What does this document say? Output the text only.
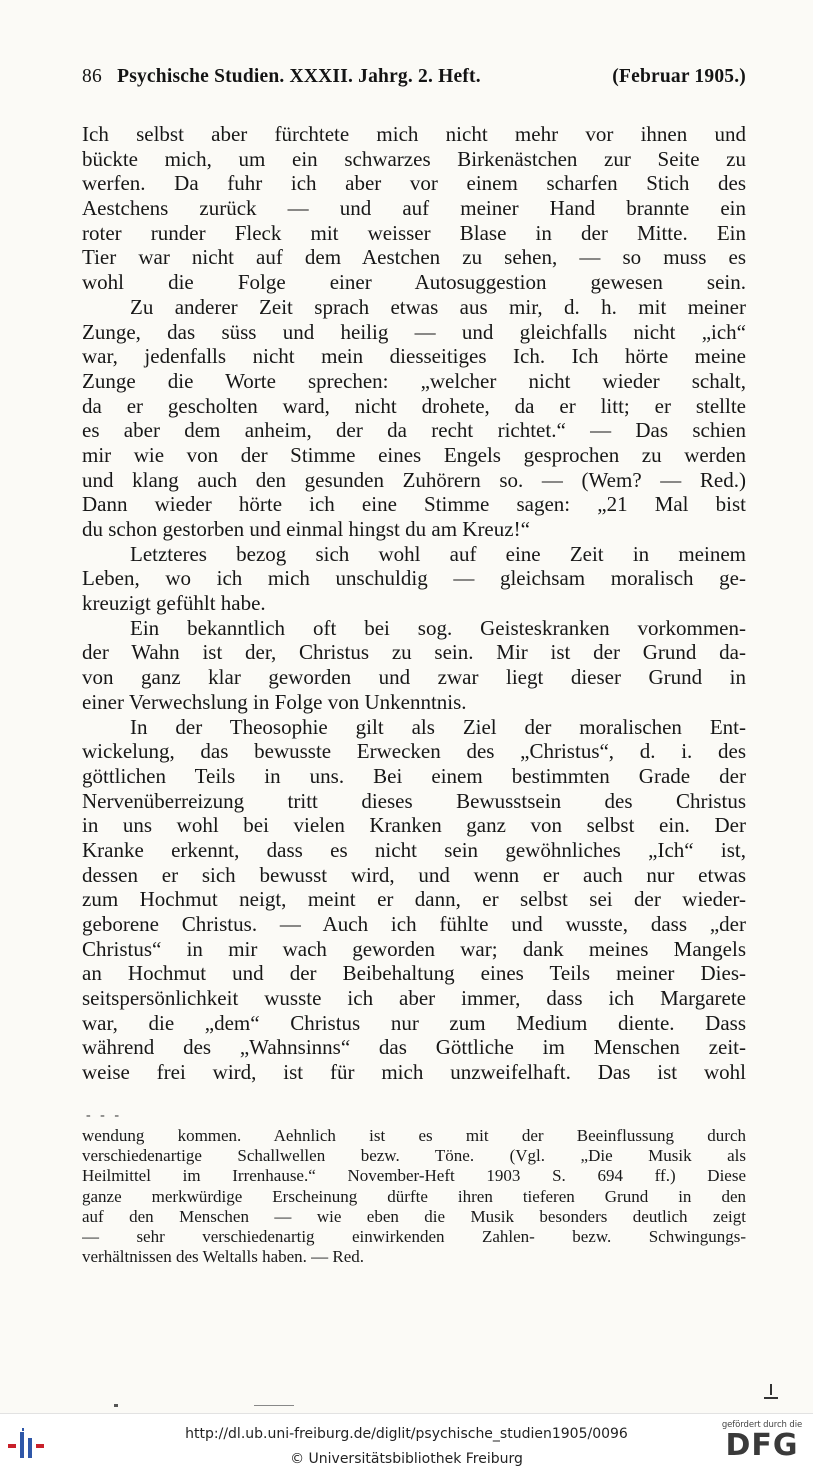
86 Psychische Studien. XXXII. Jahrg. 2. Heft.	(Februar 1905.)
Ich selbst aber fürchtete mich nicht mehr vor ihnen und
bückte mich, um ein schwarzes Birkenästchen zur Seite zu
werfen. Da fuhr ich aber vor einem scharfen Stich des
Aestchens zurück — und auf meiner Hand brannte ein
roter runder Fleck mit weisser Blase in der Mitte. Ein
Tier war nicht auf dem Aestchen zu sehen, — so muss es
wohl die Folge einer Autosuggestion gewesen sein.
Zu anderer Zeit sprach etwas aus mir, d. h. mit meiner
Zunge, das süss und heilig — und gleichfalls nicht „ich“
war, jedenfalls nicht mein diesseitiges Ich. Ich hörte meine
Zunge die Worte sprechen: „welcher nicht wieder schalt,
da er gescholten ward, nicht drohete, da er litt; er stellte
es aber dem anheim, der da recht richtet.“ — Das schien
mir wie von der Stimme eines Engels gesprochen zu werden
und klang auch den gesunden Zuhörern so. — (Wem? — Red.)
Dann wieder hörte ich eine Stimme sagen: „21 Mal bist
du schon gestorben und einmal hingst du am Kreuz!“
Letzteres bezog sich wohl auf eine Zeit in meinem
Leben, wo ich mich unschuldig — gleichsam moralisch ge-
kreuzigt gefühlt habe.
Ein bekanntlich oft bei sog. Geisteskranken vorkommen-
der Wahn ist der, Christus zu sein. Mir ist der Grund da-
von ganz klar geworden und zwar liegt dieser Grund in
einer Verwechslung in Folge von Unkenntnis.
In der Theosophie gilt als Ziel der moralischen Ent-
wickelung, das bewusste Erwecken des „Christus“, d. i. des
göttlichen Teils in uns. Bei einem bestimmten Grade der
Nervenüberreizung tritt dieses Bewusstsein des Christus
in uns wohl bei vielen Kranken ganz von selbst ein. Der
Kranke erkennt, dass es nicht sein gewöhnliches „Ich“ ist,
dessen er sich bewusst wird, und wenn er auch nur etwas
zum Hochmut neigt, meint er dann, er selbst sei der wieder-
geborene Christus. — Auch ich fühlte und wusste, dass „der
Christus“ in mir wach geworden war; dank meines Mangels
an Hochmut und der Beibehaltung eines Teils meiner Dies-
seitspersönlichkeit wusste ich aber immer, dass ich Margarete
war, die „dem“ Christus nur zum Medium diente. Dass
während des „Wahnsinns“ das Göttliche im Menschen zeit-
weise frei wird, ist für mich unzweifelhaft. Das ist wohl
- - -
wendung kommen. Aehnlich ist es mit der Beeinflussung durch
verschiedenartige Schallwellen bezw. Töne. (Vgl. „Die Musik als
Heilmittel im Irrenhause.“ November-Heft 1903 S. 694 ff.) Diese
ganze merkwürdige Erscheinung dürfte ihren tieferen Grund in den
auf den Menschen — wie eben die Musik besonders deutlich zeigt
— sehr verschiedenartig einwirkenden Zahlen- bezw. Schwingungs-
verhältnissen des Weltalls haben. — Red.
http://dl.ub.uni-freiburg.de/diglit/psychische_studien1905/0096
© Universitätsbibliothek Freiburg
gefördert durch die
DFG
